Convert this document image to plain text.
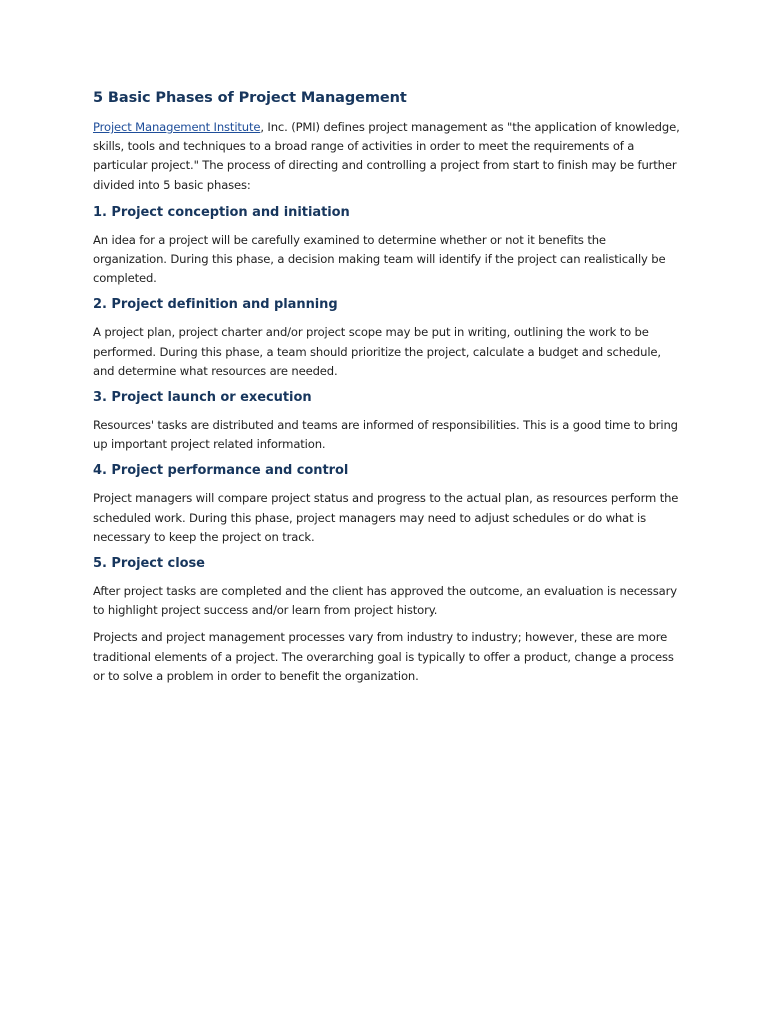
5 Basic Phases of Project Management

Project Management Institute, Inc. (PMI) defines project management as "the application of knowledge, skills, tools and techniques to a broad range of activities in order to meet the requirements of a particular project." The process of directing and controlling a project from start to finish may be further divided into 5 basic phases:

1. Project conception and initiation

An idea for a project will be carefully examined to determine whether or not it benefits the organization. During this phase, a decision making team will identify if the project can realistically be completed.

2. Project definition and planning

A project plan, project charter and/or project scope may be put in writing, outlining the work to be performed. During this phase, a team should prioritize the project, calculate a budget and schedule, and determine what resources are needed.

3. Project launch or execution

Resources' tasks are distributed and teams are informed of responsibilities. This is a good time to bring up important project related information.

4. Project performance and control

Project managers will compare project status and progress to the actual plan, as resources perform the scheduled work. During this phase, project managers may need to adjust schedules or do what is necessary to keep the project on track.

5. Project close

After project tasks are completed and the client has approved the outcome, an evaluation is necessary to highlight project success and/or learn from project history.

Projects and project management processes vary from industry to industry; however, these are more traditional elements of a project. The overarching goal is typically to offer a product, change a process or to solve a problem in order to benefit the organization.
